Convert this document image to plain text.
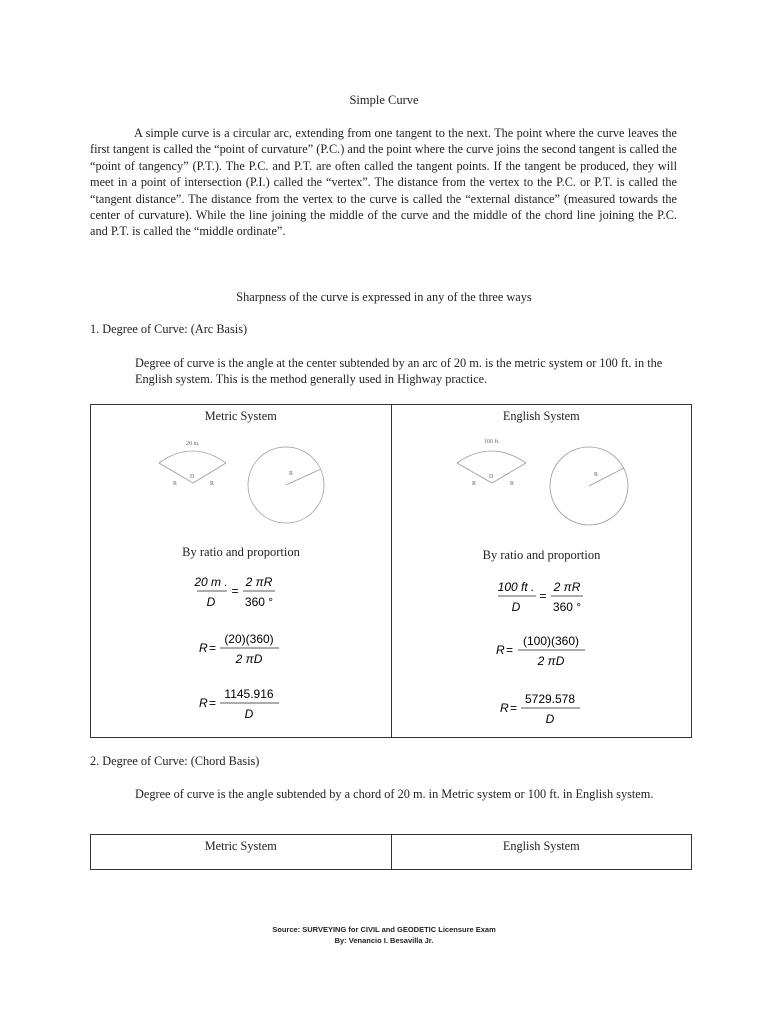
Simple Curve

A simple curve is a circular arc, extending from one tangent to the next. The point where the curve leaves the first tangent is called the “point of curvature” (P.C.) and the point where the curve joins the second tangent is called the “point of tangency” (P.T.). The P.C. and P.T. are often called the tangent points. If the tangent be produced, they will meet in a point of intersection (P.I.) called the “vertex”. The distance from the vertex to the P.C. or P.T. is called the “tangent distance”. The distance from the vertex to the curve is called the “external distance” (measured towards the center of curvature). While the line joining the middle of the curve and the middle of the chord line joining the P.C. and P.T. is called the “middle ordinate”.

Sharpness of the curve is expressed in any of the three ways
1. Degree of Curve: (Arc Basis)

Degree of curve is the angle at the center subtended by an arc of 20 m. is the metric system or 100 ft. in the English system. This is the method generally used in Highway practice.

Metric System
20 m.
D
R	R
R
By ratio and proportion
20 m .
D
=
2 πR
360 °
R =
(20)(360)
2 πD
R =
1145.916
D

English System
100 ft.
D
R	R
R
By ratio and proportion
100 ft .
D
=
2 πR
360 °
R =
(100)(360)
2 πD
R =
5729.578
D
2. Degree of Curve: (Chord Basis)

Degree of curve is the angle subtended by a chord of 20 m. in Metric system or 100 ft. in English system.

Metric System	English System
Source: SURVEYING for CIVIL and GEODETIC Licensure Exam
By: Venancio I. Besavilla Jr.
